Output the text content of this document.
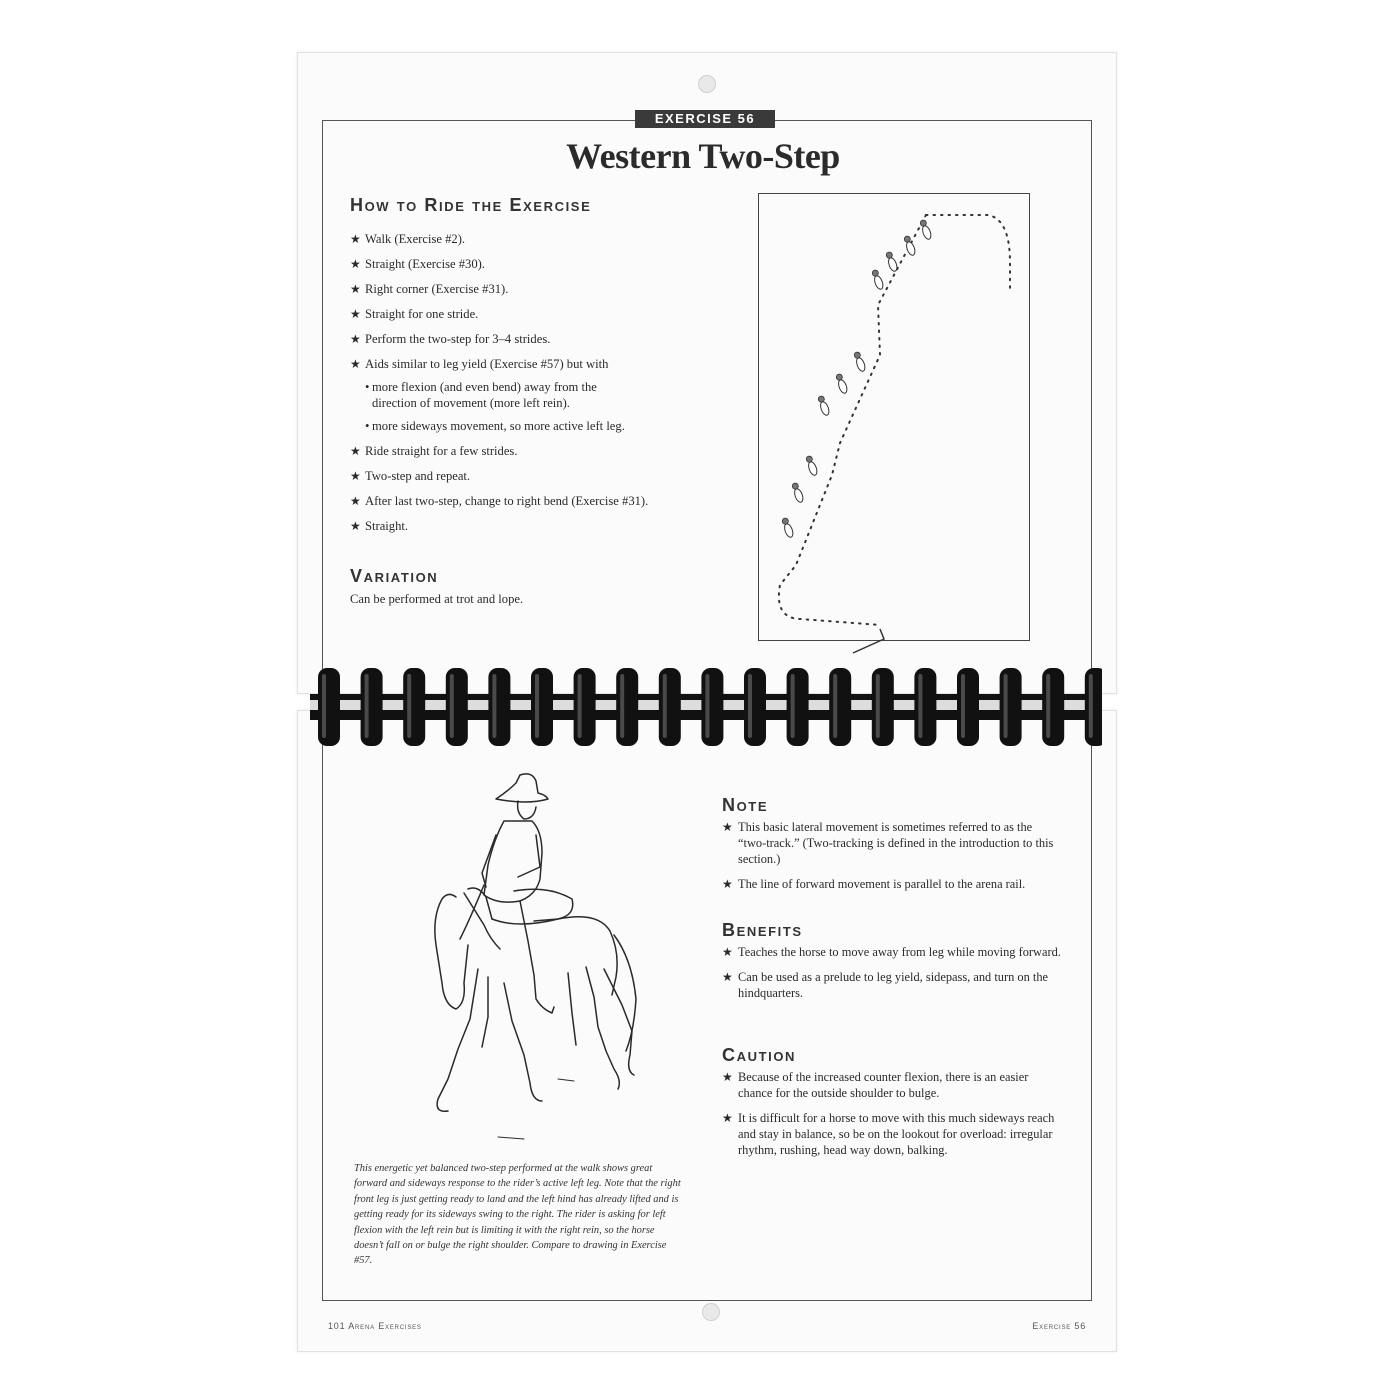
EXERCISE 56
Western Two-Step
How to Ride the Exercise
★ Walk (Exercise #2).
★ Straight (Exercise #30).
★ Right corner (Exercise #31).
★ Straight for one stride.
★ Perform the two-step for 3–4 strides.
★ Aids similar to leg yield (Exercise #57) but with
• more flexion (and even bend) away from the
direction of movement (more left rein).
• more sideways movement, so more active left leg.
★ Ride straight for a few strides.
★ Two-step and repeat.
★ After last two-step, change to right bend (Exercise #31).
★ Straight.
Variation
Can be performed at trot and lope.
This energetic yet balanced two-step performed at the walk shows great forward and sideways response to the rider’s active left leg. Note that the right front leg is just getting ready to land and the left hind has already lifted and is getting ready for its sideways swing to the right. The rider is asking for left flexion with the left rein but is limiting it with the right rein, so the horse doesn’t fall on or bulge the right shoulder. Compare to drawing in Exercise #57.
Note
★ This basic lateral movement is sometimes referred to as the “two-track.” (Two-tracking is defined in the introduction to this section.)
★ The line of forward movement is parallel to the arena rail.
Benefits
★ Teaches the horse to move away from leg while moving forward.
★ Can be used as a prelude to leg yield, sidepass, and turn on the hindquarters.
Caution
★ Because of the increased counter flexion, there is an easier chance for the outside shoulder to bulge.
★ It is difficult for a horse to move with this much sideways reach and stay in balance, so be on the lookout for overload: irregular rhythm, rushing, head way down, balking.
101 Arena Exercises	Exercise 56
